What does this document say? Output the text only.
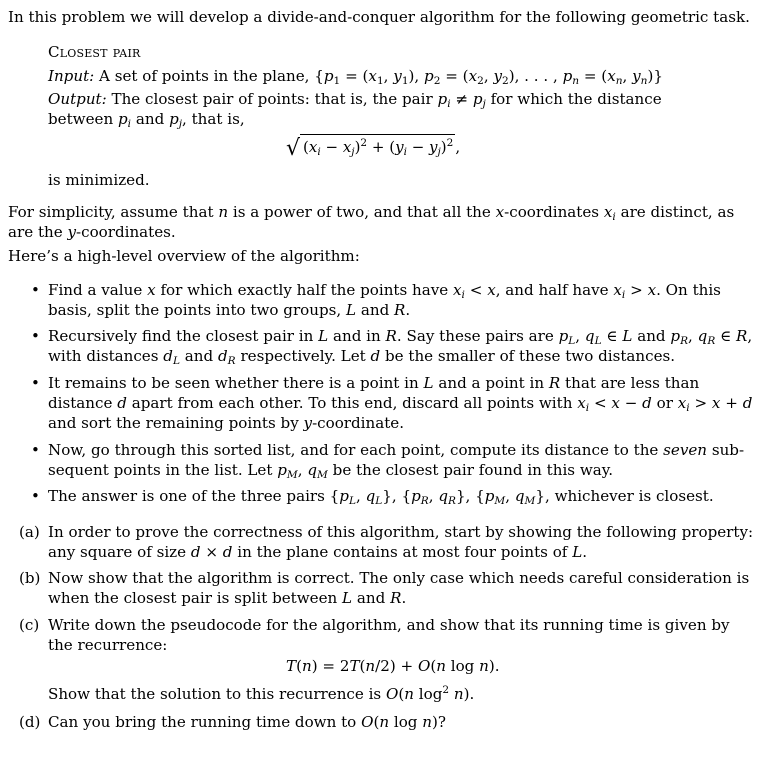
In this problem we will develop a divide-and-conquer algorithm for the following geometric task.
Closest pair
Input: A set of points in the plane, {$p_1 = (x_1$, $y_1$), $p_2 = (x_2$, $y_2$), . . . , $p_n = (x_n$, $y_n$)}
Output: The closest pair of points: that is, the pair $p_i \ne p_j$ for which the distance
between $p_i$ and $p_j$, that is,
√ $(x_i - x_j)^2 + (y_i - y_j)^2$ ,
is minimized.
For simplicity, assume that n is a power of two, and that all the x-coordinates $x_i$ are distinct, as
are the y-coordinates.
Here’s a high-level overview of the algorithm:
• Find a value x for which exactly half the points have $x_i < x$, and half have $x_i > x$. On this
basis, split the points into two groups, L and R.
• Recursively find the closest pair in L and in R. Say these pairs are $p_L$, $q_L$ ∈ L and $p_R$, $q_R$ ∈ R,
with distances $d_L$ and $d_R$ respectively. Let d be the smaller of these two distances.
• It remains to be seen whether there is a point in L and a point in R that are less than
distance d apart from each other. To this end, discard all points with $x_i < x - d$ or $x_i > x + d$
and sort the remaining points by y-coordinate.
• Now, go through this sorted list, and for each point, compute its distance to the seven sub-
sequent points in the list. Let $p_M$, $q_M$ be the closest pair found in this way.
• The answer is one of the three pairs {$p_L$, $q_L$}, {$p_R$, $q_R$}, {$p_M$, $q_M$}, whichever is closest.
(a) In order to prove the correctness of this algorithm, start by showing the following property:
any square of size d × d in the plane contains at most four points of L.
(b) Now show that the algorithm is correct. The only case which needs careful consideration is
when the closest pair is split between L and R.
(c) Write down the pseudocode for the algorithm, and show that its running time is given by
the recurrence:
T(n) = 2T(n/2) + O(n log n).
Show that the solution to this recurrence is O(n $\log^2 n$).
(d) Can you bring the running time down to O(n log n)?
